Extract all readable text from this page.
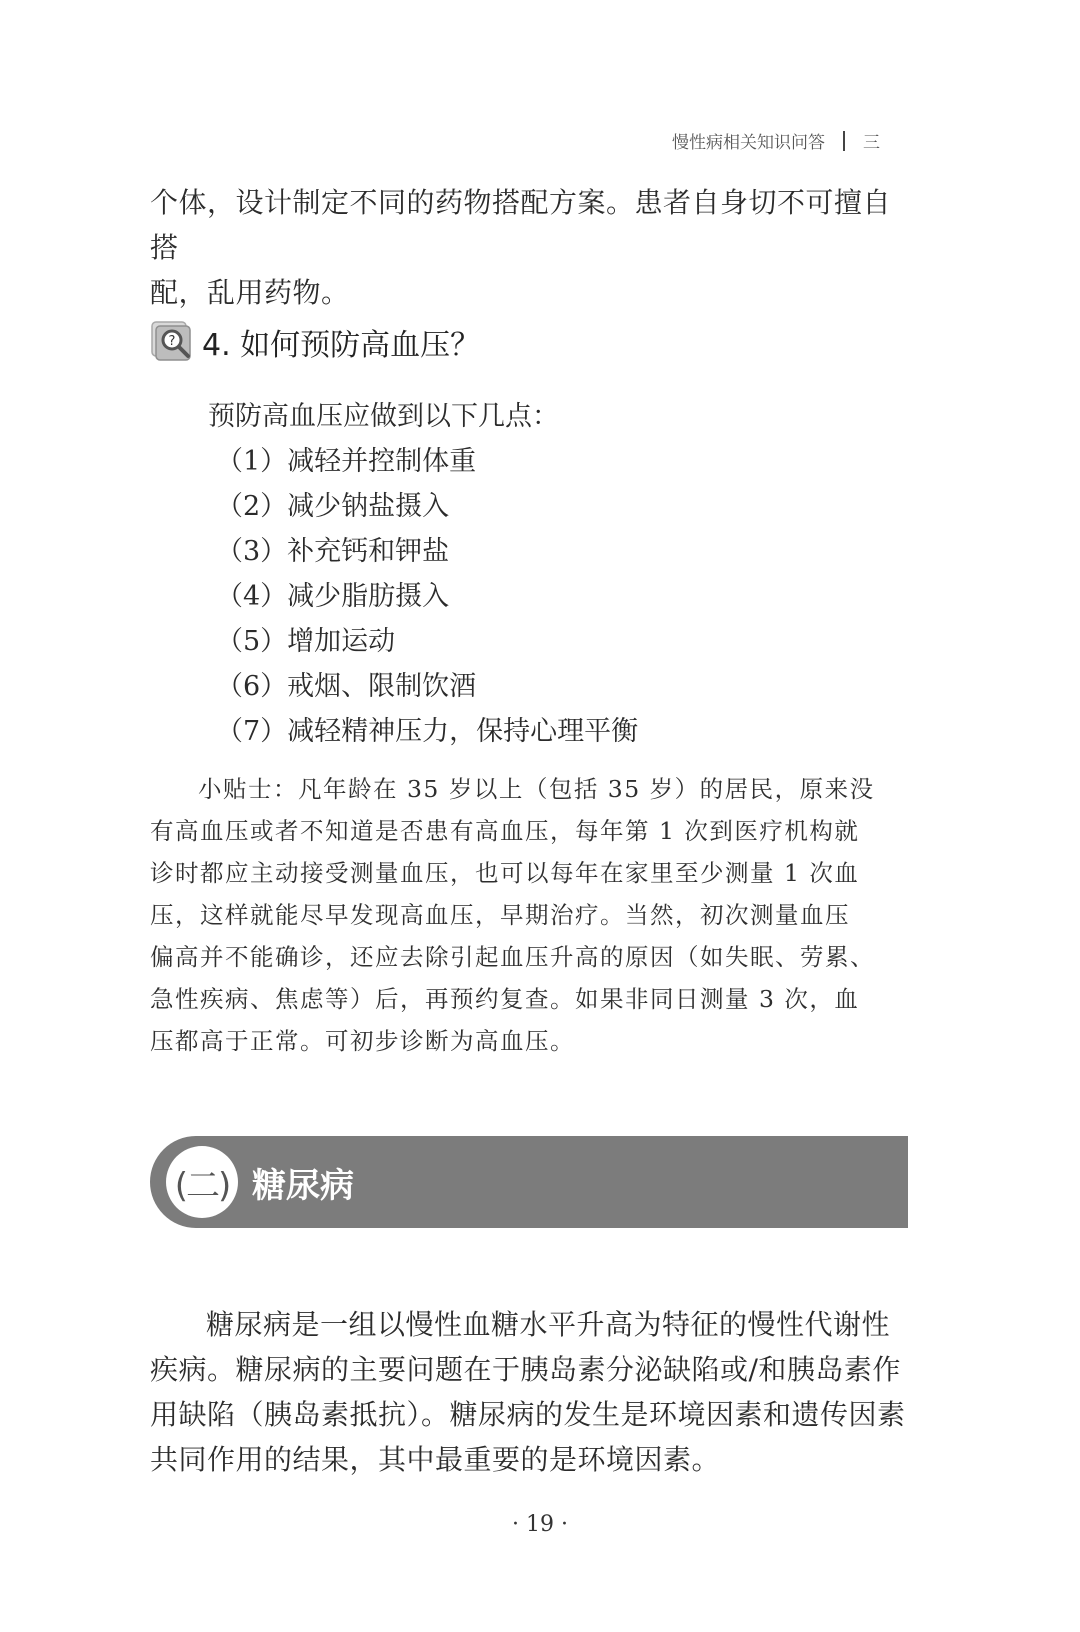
慢性病相关知识问答 三
个体，设计制定不同的药物搭配方案。患者自身切不可擅自搭
配，乱用药物。
? 4. 如何预防高血压？
预防高血压应做到以下几点：
（1）减轻并控制体重
（2）减少钠盐摄入
（3）补充钙和钾盐
（4）减少脂肪摄入
（5）增加运动
（6）戒烟、限制饮酒
（7）减轻精神压力，保持心理平衡
小贴士：凡年龄在 35 岁以上（包括 35 岁）的居民，原来没
有高血压或者不知道是否患有高血压，每年第 1 次到医疗机构就
诊时都应主动接受测量血压，也可以每年在家里至少测量 1 次血
压，这样就能尽早发现高血压，早期治疗。当然，初次测量血压
偏高并不能确诊，还应去除引起血压升高的原因（如失眠、劳累、
急性疾病、焦虑等）后，再预约复查。如果非同日测量 3 次，血
压都高于正常。可初步诊断为高血压。
(二) 糖尿病
糖尿病是一组以慢性血糖水平升高为特征的慢性代谢性
疾病。糖尿病的主要问题在于胰岛素分泌缺陷或/和胰岛素作
用缺陷（胰岛素抵抗）。糖尿病的发生是环境因素和遗传因素
共同作用的结果，其中最重要的是环境因素。
· 19 ·
